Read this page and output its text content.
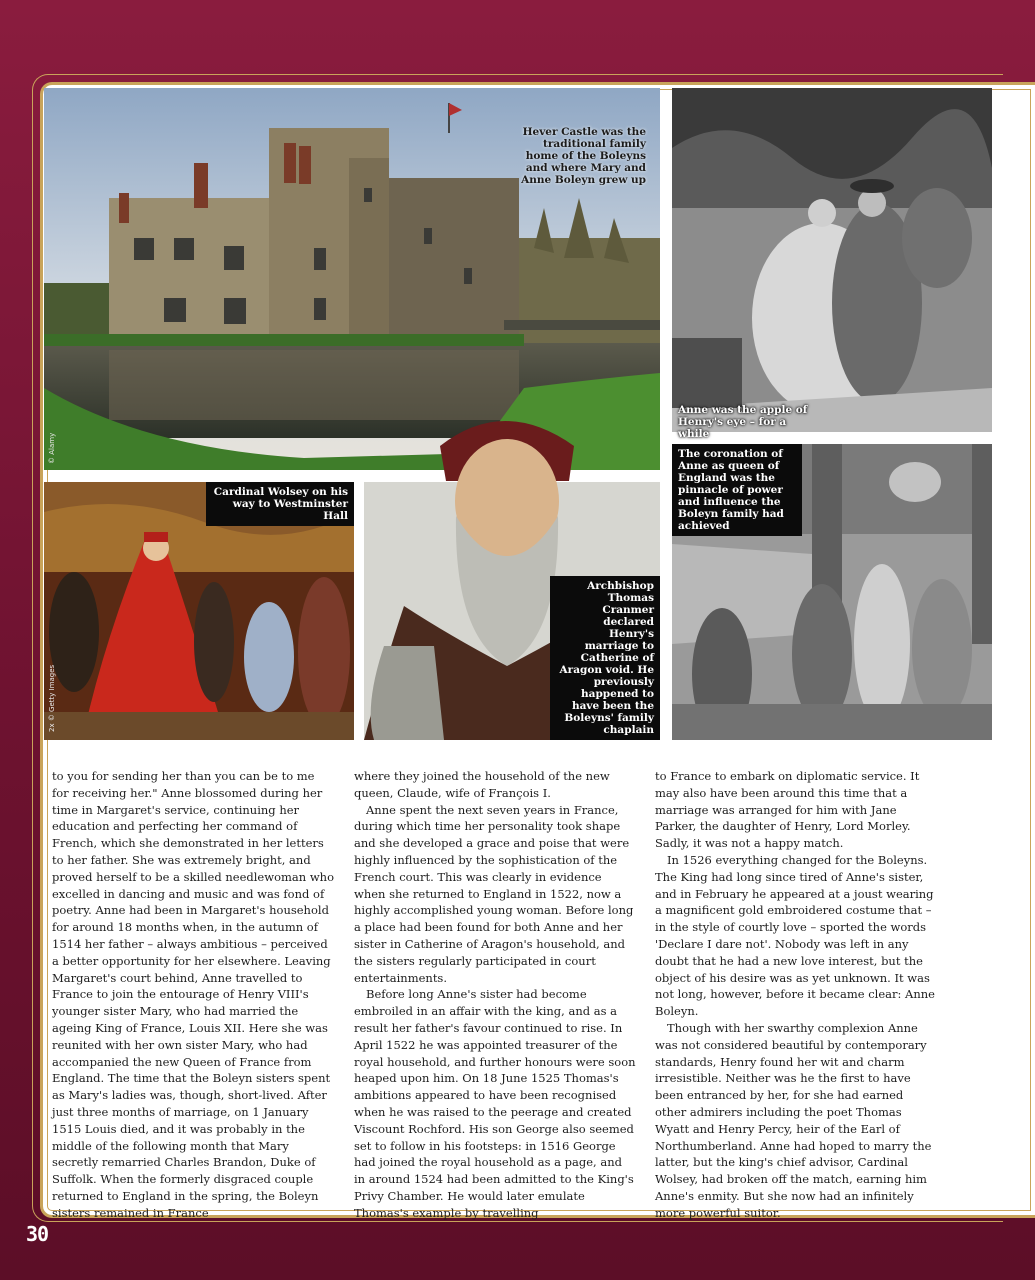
Hever Castle was the traditional family home of the Boleyns and where Mary and Anne Boleyn grew up
© Alamy
Anne was the apple of Henry's eye – for a while
The coronation of Anne as queen of England was the pinnacle of power and influence the Boleyn family had achieved
Cardinal Wolsey on his way to Westminster Hall
2x © Getty Images
Archbishop Thomas Cranmer declared Henry's marriage to Catherine of Aragon void. He previously happened to have been the Boleyns' family chaplain

to you for sending her than you can be to me for receiving her." Anne blossomed during her time in Margaret's service, continuing her education and perfecting her command of French, which she demonstrated in her letters to her father. She was extremely bright, and proved herself to be a skilled needlewoman who excelled in dancing and music and was fond of poetry. Anne had been in Margaret's household for around 18 months when, in the autumn of 1514 her father – always ambitious – perceived a better opportunity for her elsewhere. Leaving Margaret's court behind, Anne travelled to France to join the entourage of Henry VIII's younger sister Mary, who had married the ageing King of France, Louis XII. Here she was reunited with her own sister Mary, who had accompanied the new Queen of France from England. The time that the Boleyn sisters spent as Mary's ladies was, though, short-lived. After just three months of marriage, on 1 January 1515 Louis died, and it was probably in the middle of the following month that Mary secretly remarried Charles Brandon, Duke of Suffolk. When the formerly disgraced couple returned to England in the spring, the Boleyn sisters remained in France

where they joined the household of the new queen, Claude, wife of François I.

Anne spent the next seven years in France, during which time her personality took shape and she developed a grace and poise that were highly influenced by the sophistication of the French court. This was clearly in evidence when she returned to England in 1522, now a highly accomplished young woman. Before long a place had been found for both Anne and her sister in Catherine of Aragon's household, and the sisters regularly participated in court entertainments.

Before long Anne's sister had become embroiled in an affair with the king, and as a result her father's favour continued to rise. In April 1522 he was appointed treasurer of the royal household, and further honours were soon heaped upon him. On 18 June 1525 Thomas's ambitions appeared to have been recognised when he was raised to the peerage and created Viscount Rochford. His son George also seemed set to follow in his footsteps: in 1516 George had joined the royal household as a page, and in around 1524 had been admitted to the King's Privy Chamber. He would later emulate Thomas's example by travelling

to France to embark on diplomatic service. It may also have been around this time that a marriage was arranged for him with Jane Parker, the daughter of Henry, Lord Morley. Sadly, it was not a happy match.

In 1526 everything changed for the Boleyns. The King had long since tired of Anne's sister, and in February he appeared at a joust wearing a magnificent gold embroidered costume that – in the style of courtly love – sported the words 'Declare I dare not'. Nobody was left in any doubt that he had a new love interest, but the object of his desire was as yet unknown. It was not long, however, before it became clear: Anne Boleyn.

Though with her swarthy complexion Anne was not considered beautiful by contemporary standards, Henry found her wit and charm irresistible. Neither was he the first to have been entranced by her, for she had earned other admirers including the poet Thomas Wyatt and Henry Percy, heir of the Earl of Northumberland. Anne had hoped to marry the latter, but the king's chief advisor, Cardinal Wolsey, had broken off the match, earning him Anne's enmity. But she now had an infinitely more powerful suitor.

30
